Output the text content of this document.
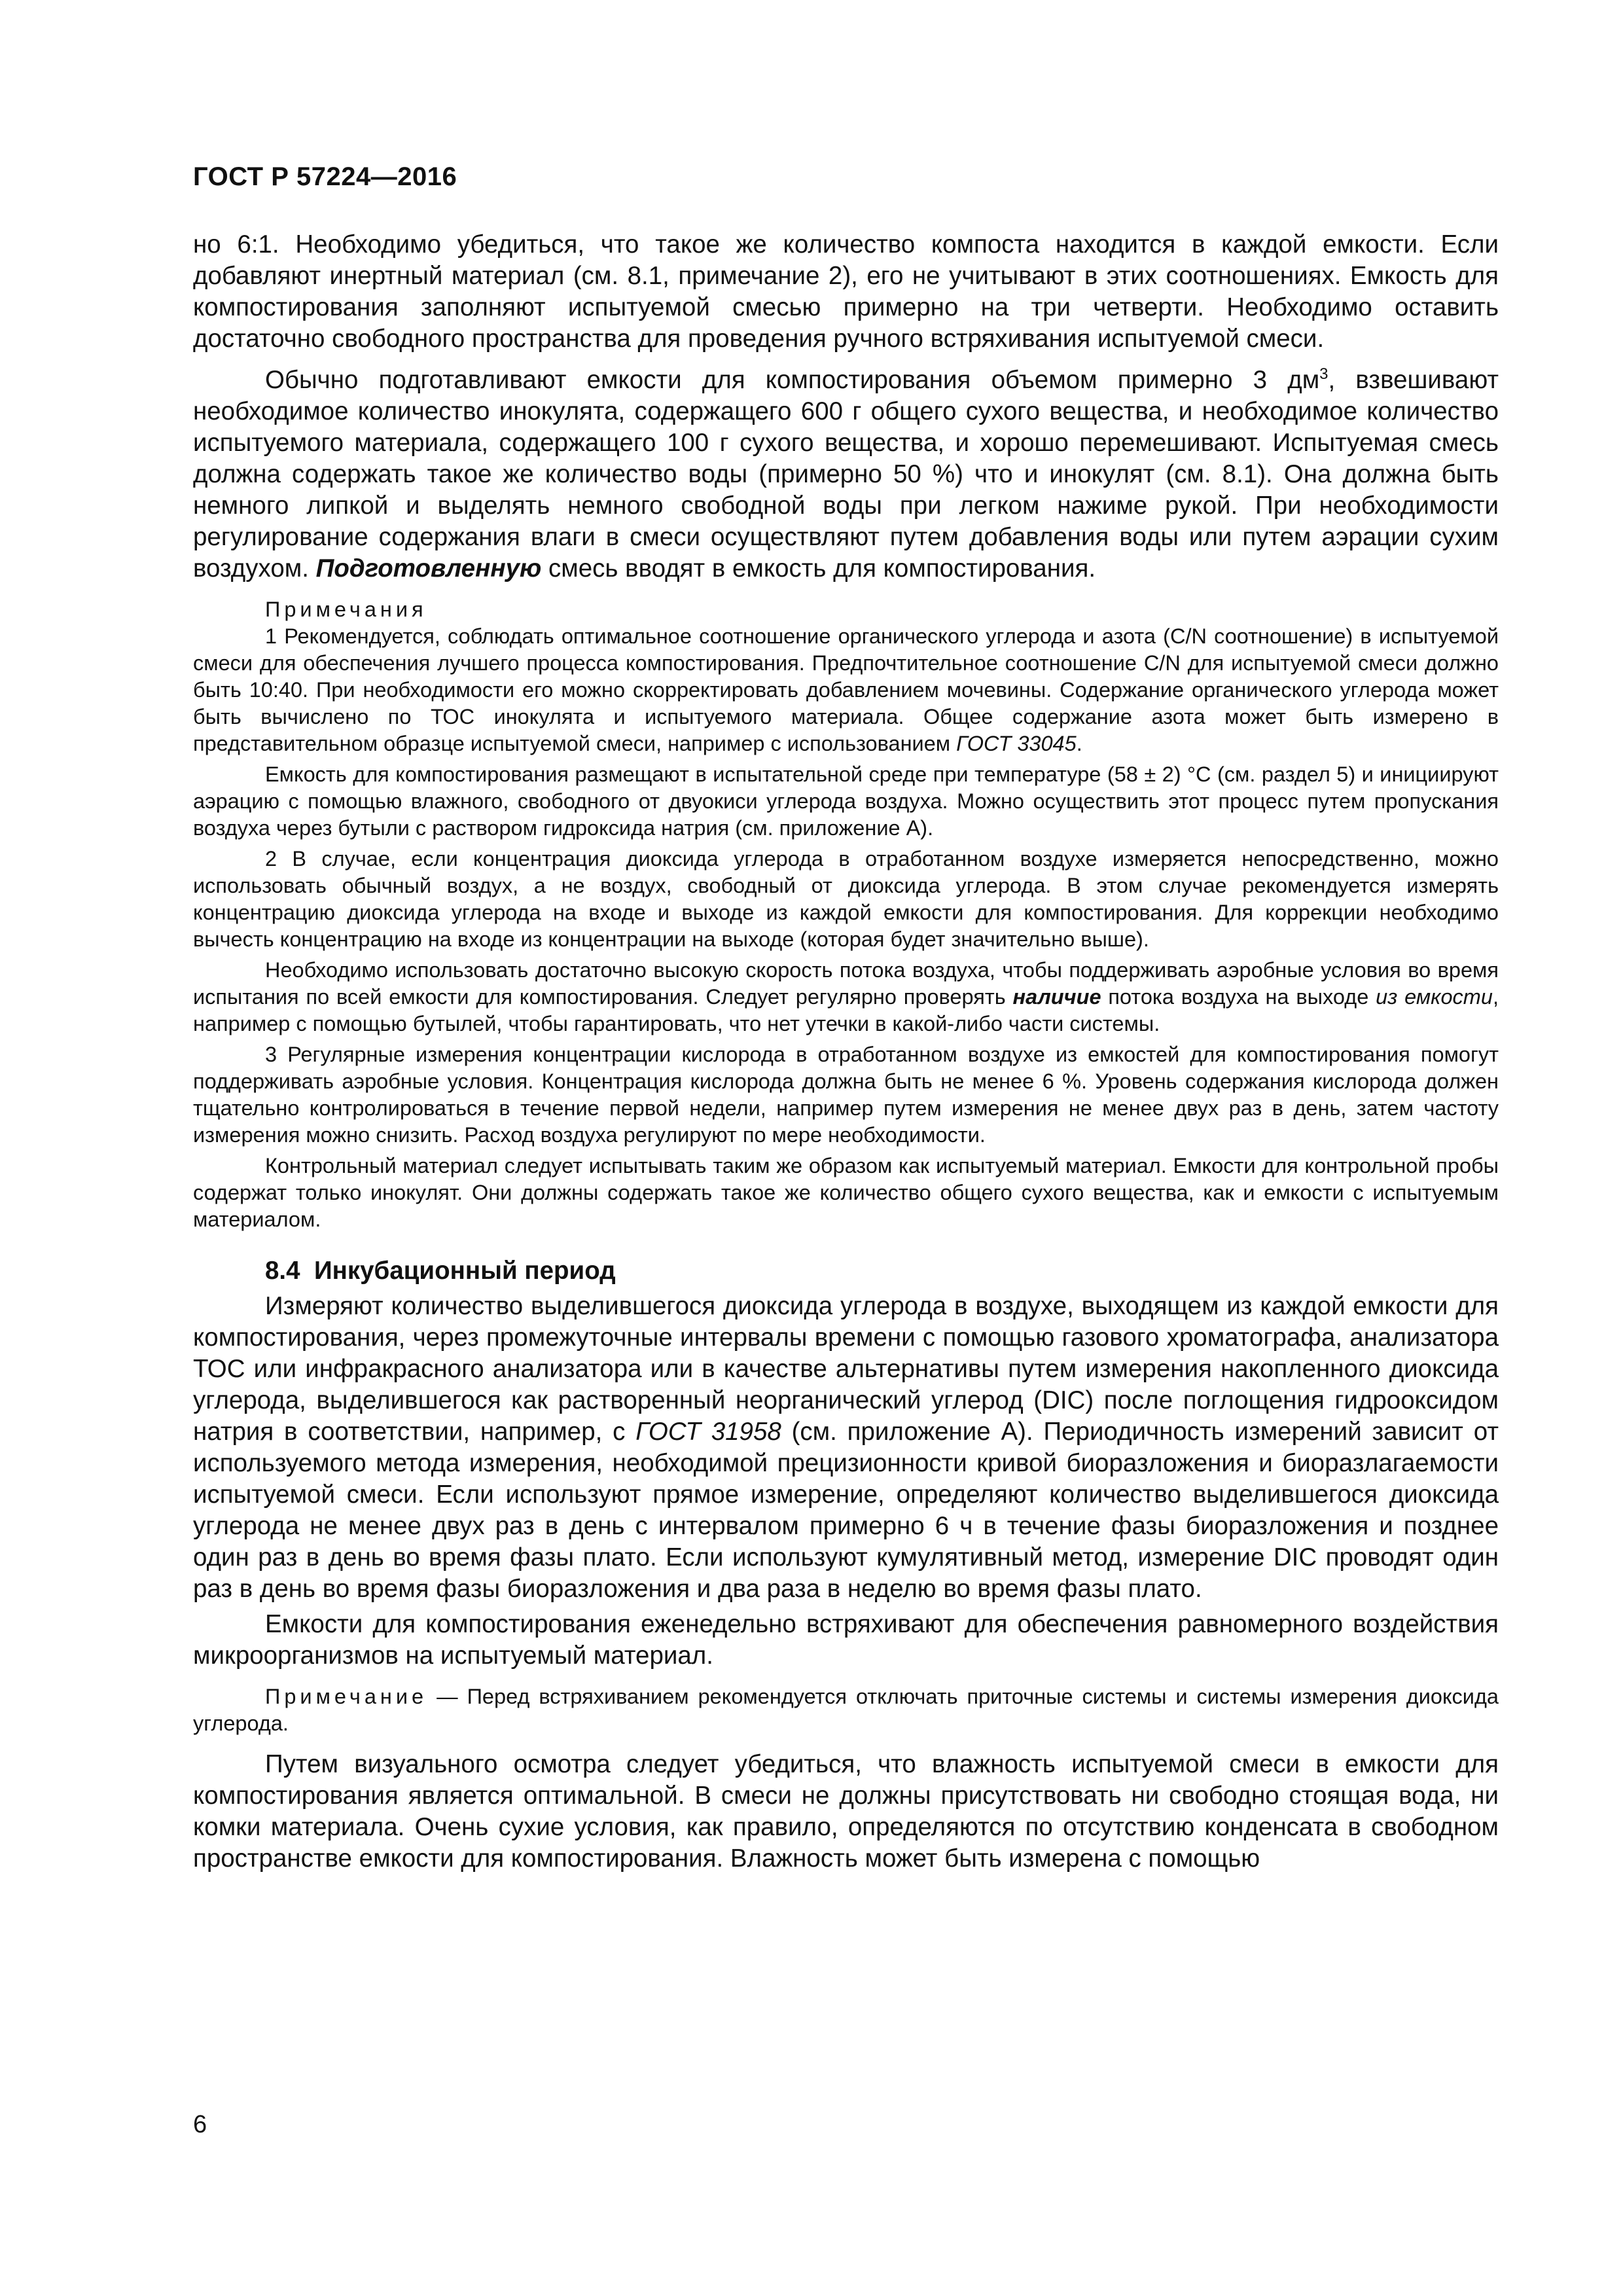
ГОСТ Р 57224—2016

но 6:1. Необходимо убедиться, что такое же количество компоста находится в каждой емкости. Если добавляют инертный материал (см. 8.1, примечание 2), его не учитывают в этих соотношениях. Емкость для компостирования заполняют испытуемой смесью примерно на три четверти. Необходимо оставить достаточно свободного пространства для проведения ручного встряхивания испытуемой смеси.

Обычно подготавливают емкости для компостирования объемом примерно 3 $дм^3$, взвешивают необходимое количество инокулята, содержащего 600 г общего сухого вещества, и необходимое количество испытуемого материала, содержащего 100 г сухого вещества, и хорошо перемешивают. Испытуемая смесь должна содержать такое же количество воды (примерно 50 %) что и инокулят (см. 8.1). Она должна быть немного липкой и выделять немного свободной воды при легком нажиме рукой. При необходимости регулирование содержания влаги в смеси осуществляют путем добавления воды или путем аэрации сухим воздухом. Подготовленную смесь вводят в емкость для компостирования.

Примечания

1 Рекомендуется, соблюдать оптимальное соотношение органического углерода и азота (C/N соотношение) в испытуемой смеси для обеспечения лучшего процесса компостирования. Предпочтительное соотношение C/N для испытуемой смеси должно быть 10:40. При необходимости его можно скорректировать добавлением мочевины. Содержание органического углерода может быть вычислено по ТОС инокулята и испытуемого материала. Общее содержание азота может быть измерено в представительном образце испытуемой смеси, например с использованием ГОСТ 33045.

Емкость для компостирования размещают в испытательной среде при температуре (58 ± 2) °С (см. раздел 5) и инициируют аэрацию с помощью влажного, свободного от двуокиси углерода воздуха. Можно осуществить этот процесс путем пропускания воздуха через бутыли с раствором гидроксида натрия (см. приложение А).

2 В случае, если концентрация диоксида углерода в отработанном воздухе измеряется непосредственно, можно использовать обычный воздух, а не воздух, свободный от диоксида углерода. В этом случае рекомендуется измерять концентрацию диоксида углерода на входе и выходе из каждой емкости для компостирования. Для коррекции необходимо вычесть концентрацию на входе из концентрации на выходе (которая будет значительно выше).

Необходимо использовать достаточно высокую скорость потока воздуха, чтобы поддерживать аэробные условия во время испытания по всей емкости для компостирования. Следует регулярно проверять наличие потока воздуха на выходе из емкости, например с помощью бутылей, чтобы гарантировать, что нет утечки в какой-либо части системы.

3 Регулярные измерения концентрации кислорода в отработанном воздухе из емкостей для компостирования помогут поддерживать аэробные условия. Концентрация кислорода должна быть не менее 6 %. Уровень содержания кислорода должен тщательно контролироваться в течение первой недели, например путем измерения не менее двух раз в день, затем частоту измерения можно снизить. Расход воздуха регулируют по мере необходимости.

Контрольный материал следует испытывать таким же образом как испытуемый материал. Емкости для контрольной пробы содержат только инокулят. Они должны содержать такое же количество общего сухого вещества, как и емкости с испытуемым материалом.

8.4 Инкубационный период

Измеряют количество выделившегося диоксида углерода в воздухе, выходящем из каждой емкости для компостирования, через промежуточные интервалы времени с помощью газового хроматографа, анализатора ТОС или инфракрасного анализатора или в качестве альтернативы путем измерения накопленного диоксида углерода, выделившегося как растворенный неорганический углерод (DIC) после поглощения гидрооксидом натрия в соответствии, например, с ГОСТ 31958 (см. приложение А). Периодичность измерений зависит от используемого метода измерения, необходимой прецизионности кривой биоразложения и биоразлагаемости испытуемой смеси. Если используют прямое измерение, определяют количество выделившегося диоксида углерода не менее двух раз в день с интервалом примерно 6 ч в течение фазы биоразложения и позднее один раз в день во время фазы плато. Если используют кумулятивный метод, измерение DIC проводят один раз в день во время фазы биоразложения и два раза в неделю во время фазы плато.

Емкости для компостирования еженедельно встряхивают для обеспечения равномерного воздействия микроорганизмов на испытуемый материал.

Примечание — Перед встряхиванием рекомендуется отключать приточные системы и системы измерения диоксида углерода.

Путем визуального осмотра следует убедиться, что влажность испытуемой смеси в емкости для компостирования является оптимальной. В смеси не должны присутствовать ни свободно стоящая вода, ни комки материала. Очень сухие условия, как правило, определяются по отсутствию конденсата в свободном пространстве емкости для компостирования. Влажность может быть измерена с помощью

6
